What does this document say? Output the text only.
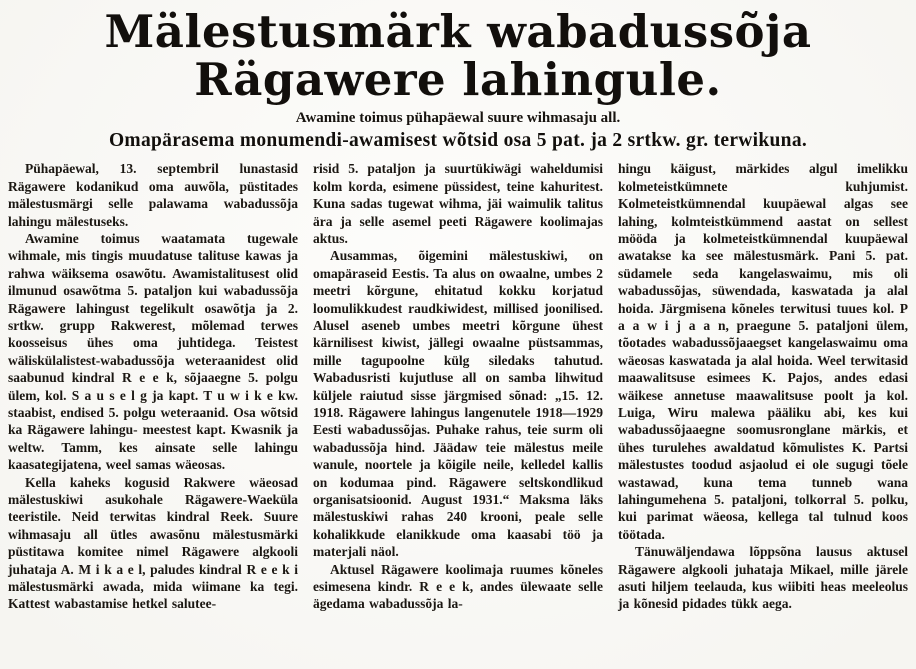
Mälestusmärk wabadussõja Rägawere lahingule.

Awamine toimus pühapäewal suure wihmasaju all.

Omapärasema monumendi-awamisest wõtsid osa 5 pat. ja 2 srtkw. gr. terwikuna.

Pühapäewal, 13. septembril lunastasid Rägawere kodanikud oma auwõla, püstitades mälestusmärgi selle palawama wabadussõja lahingu mälestuseks.

Awamine toimus waatamata tugewale wihmale, mis tingis muudatuse talituse kawas ja rahwa wäiksema osawõtu. Awamistalitusest olid ilmunud osawõtma 5. pataljon kui wabadussõja Rägawere lahingust tegelikult osawõtja ja 2. srtkw. grupp Rakwerest, mõlemad terwes koosseisus ühes oma juhtidega. Teistest wäliskülalistest-wabadussõja weteraanidest olid saabunud kindral R e e k, sõjaaegne 5. polgu ülem, kol. S a u s e l g ja kapt. T u w i k e kw. staabist, endised 5. polgu weteraanid. Osa wõtsid ka Rägawere lahingu- meestest kapt. Kwasnik ja weltw. Tamm, kes ainsate selle lahingu kaasategijatena, weel samas wäeosas.

Kella kaheks kogusid Rakwere wäeosad mälestuskiwi asukohale Rägawere-Waeküla teeristile. Neid terwitas kindral Reek. Suure wihmasaju all ütles awasõnu mälestusmärki püstitawa komitee nimel Rägawere algkooli juhataja A. M i k a e l, paludes kindral R e e k i mälestusmärki awada, mida wiimane ka tegi. Kattest wabastamise hetkel salutee-

risid 5. pataljon ja suurtükiwägi waheldumisi kolm korda, esimene püssidest, teine kahuritest. Kuna sadas tugewat wihma, jäi waimulik talitus ära ja selle asemel peeti Rägawere koolimajas aktus.

Ausammas, õigemini mälestuskiwi, on omapäraseid Eestis. Ta alus on owaalne, umbes 2 meetri kõrgune, ehitatud kokku korjatud loomulikkudest raudkiwidest, millised joonilised. Alusel aseneb umbes meetri kõrgune ühest kärnilisest kiwist, jällegi owaalne püstsammas, mille tagupoolne külg siledaks tahutud. Wabadusristi kujutluse all on samba lihwitud küljele raiutud sisse järgmised sõnad: „15. 12. 1918. Rägawere lahingus langenutele 1918—1929 Eesti wabadussõjas. Puhake rahus, teie surm oli wabadussõja hind. Jäädaw teie mälestus meile wanule, noortele ja kõigile neile, kelledel kallis on kodumaa pind. Rägawere seltskondlikud organisatsioonid. August 1931.“ Maksma läks mälestuskiwi rahas 240 krooni, peale selle kohalikkude elanikkude oma kaasabi töö ja materjali näol.

Aktusel Rägawere koolimaja ruumes kõneles esimesena kindr. R e e k, andes ülewaate selle ägedama wabadussõja la-

hingu käigust, märkides algul imelikku kolmeteistkümnete kuhjumist. Kolmeteistkümnendal kuupäewal algas see lahing, kolmteistkümmend aastat on sellest mööda ja kolmeteistkümnendal kuupäewal awatakse ka see mälestusmärk. Pani 5. pat. südamele seda kangelaswaimu, mis oli wabadussõjas, süwendada, kaswatada ja alal hoida. Järgmisena kõneles terwitusi tuues kol. P a a w i j a a n, praegune 5. pataljoni ülem, tõotades wabadussõjaaegset kangelaswaimu oma wäeosas kaswatada ja alal hoida. Weel terwitasid maawalitsuse esimees K. Pajos, andes edasi wäikese annetuse maawalitsuse poolt ja kol. Luiga, Wiru malewa pääliku abi, kes kui wabadussõjaaegne soomusronglane märkis, et ühes turulehes awaldatud kõmulistes K. Partsi mälestustes toodud asjaolud ei ole sugugi tõele wastawad, kuna tema tunneb wana lahingumehena 5. pataljoni, tolkorral 5. polku, kui parimat wäeosa, kellega tal tulnud koos töötada.

Tänuwäljendawa lõppsõna lausus aktusel Rägawere algkooli juhataja Mikael, mille järele asuti hiljem teelauda, kus wiibiti heas meeleolus ja kõnesid pidades tükk aega.
